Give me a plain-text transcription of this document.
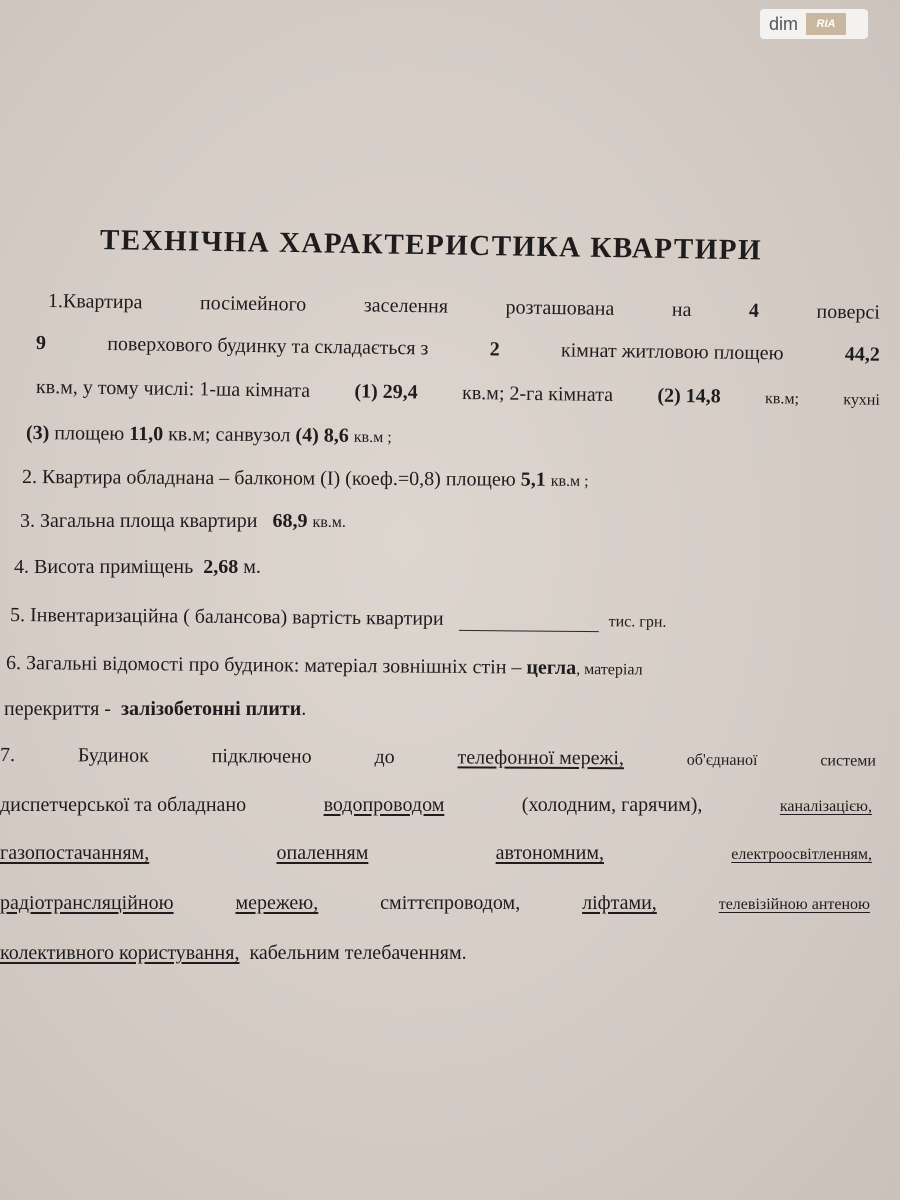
dim	RIA
ТЕХНІЧНА ХАРАКТЕРИСТИКА КВАРТИРИ
1.Квартира	посімейного	заселення	розташована	на	4	поверсі
9	поверхового будинку та складається з	2	кімнат житловою площею	44,2
кв.м, у тому числі: 1-ша кімната (1) 29,4 кв.м; 2-га кімната (2) 14,8	кв.м;	кухні
(3) площею 11,0 кв.м; санвузол (4) 8,6 кв.м ;
2. Квартира обладнана – балконом (І) (коеф.=0,8) площею 5,1 кв.м ;
3. Загальна площа квартири 68,9 кв.м.
4. Висота приміщень 2,68 м.
5. Інвентаризаційна ( балансова) вартість квартири	тис. грн.
6. Загальні відомості про будинок: матеріал зовнішніх стін – цегла, матеріал
перекриття - залізобетонні плити.
7.	Будинок	підключено	до	телефонної мережі,	об'єднаної	системи
диспетчерської та обладнано	водопроводом	(холодним, гарячим),	каналізацією,
газопостачанням,	опаленням	автономним,	електроосвітленням,
радіотрансляційною	мережею,	сміттєпроводом,	ліфтами,	телевізійною антеною
колективного користування, кабельним телебаченням.
